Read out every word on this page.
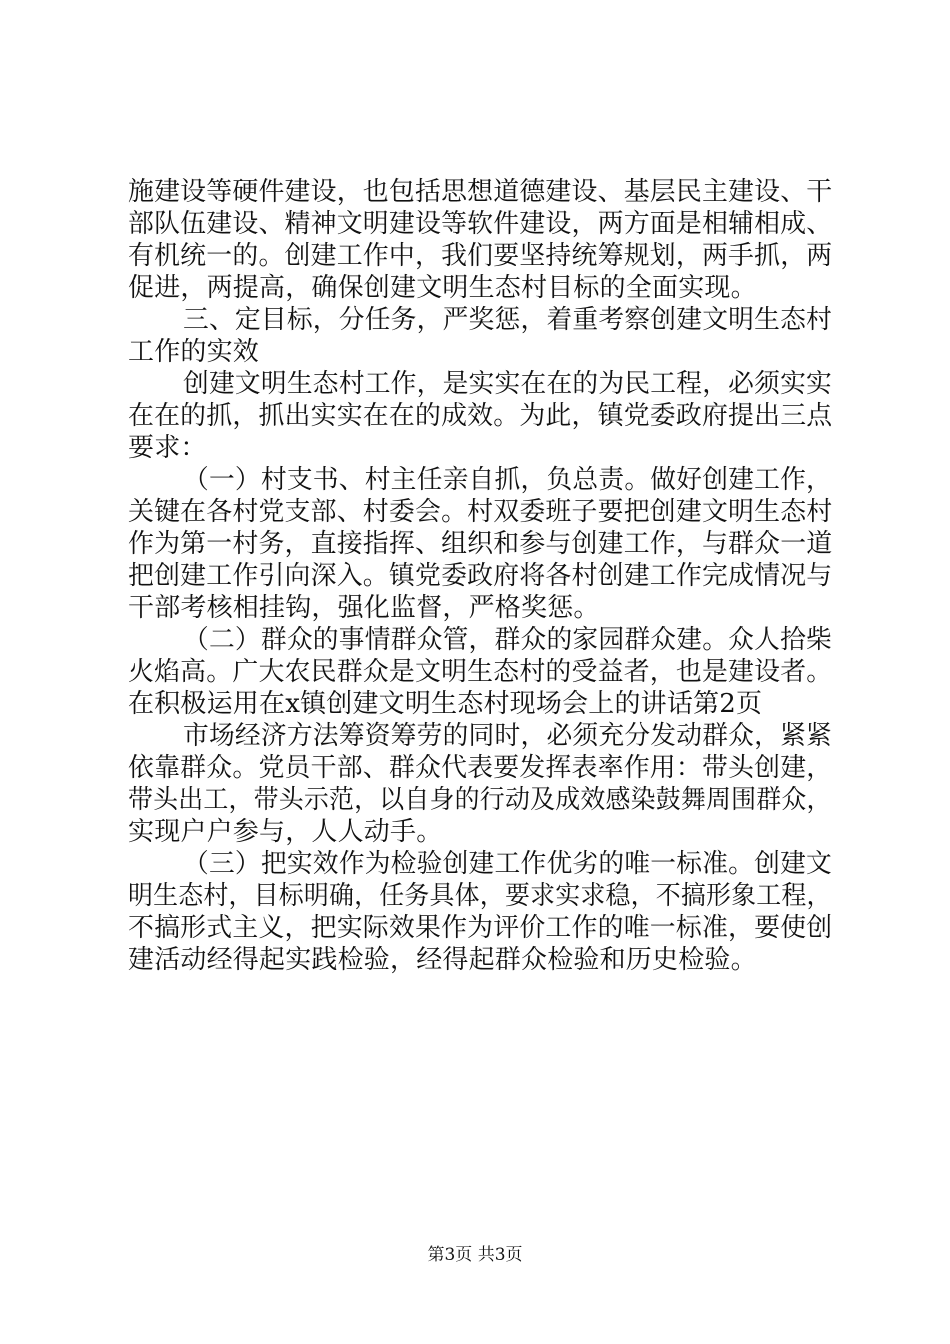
施建设等硬件建设，也包括思想道德建设、基层民主建设、干
部队伍建设、精神文明建设等软件建设，两方面是相辅相成、
有机统一的。创建工作中，我们要坚持统筹规划，两手抓，两
促进，两提高，确保创建文明生态村目标的全面实现。
三、定目标，分任务，严奖惩，着重考察创建文明生态村
工作的实效
创建文明生态村工作，是实实在在的为民工程，必须实实
在在的抓，抓出实实在在的成效。为此，镇党委政府提出三点
要求：
（一）村支书、村主任亲自抓，负总责。做好创建工作，
关键在各村党支部、村委会。村双委班子要把创建文明生态村
作为第一村务，直接指挥、组织和参与创建工作，与群众一道
把创建工作引向深入。镇党委政府将各村创建工作完成情况与
干部考核相挂钩，强化监督，严格奖惩。
（二）群众的事情群众管，群众的家园群众建。众人拾柴
火焰高。广大农民群众是文明生态村的受益者，也是建设者。
在积极运用在x镇创建文明生态村现场会上的讲话第2页
市场经济方法筹资筹劳的同时，必须充分发动群众，紧紧
依靠群众。党员干部、群众代表要发挥表率作用：带头创建，
带头出工，带头示范，以自身的行动及成效感染鼓舞周围群众，
实现户户参与，人人动手。
（三）把实效作为检验创建工作优劣的唯一标准。创建文
明生态村，目标明确，任务具体，要求实求稳，不搞形象工程，
不搞形式主义，把实际效果作为评价工作的唯一标准，要使创
建活动经得起实践检验，经得起群众检验和历史检验。
第3页 共3页
